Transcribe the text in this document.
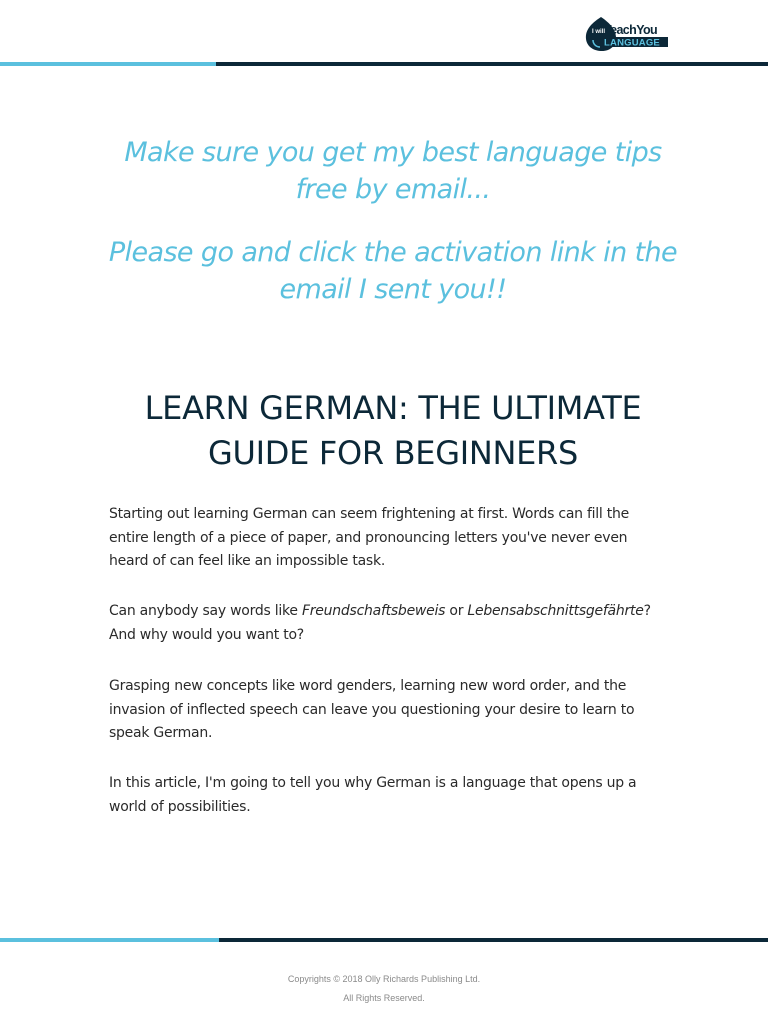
I will
TeachYou
LANGUAGE

Make sure you get my best language tips free by email...

Please go and click the activation link in the email I sent you!!

LEARN GERMAN: THE ULTIMATE GUIDE FOR BEGINNERS

Starting out learning German can seem frightening at first. Words can fill the entire length of a piece of paper, and pronouncing letters you've never even heard of can feel like an impossible task.

Can anybody say words like Freundschaftsbeweis or Lebensabschnittsgefährte? And why would you want to?

Grasping new concepts like word genders, learning new word order, and the invasion of inflected speech can leave you questioning your desire to learn to speak German.

In this article, I'm going to tell you why German is a language that opens up a world of possibilities.

Copyrights © 2018 Olly Richards Publishing Ltd.

All Rights Reserved.
